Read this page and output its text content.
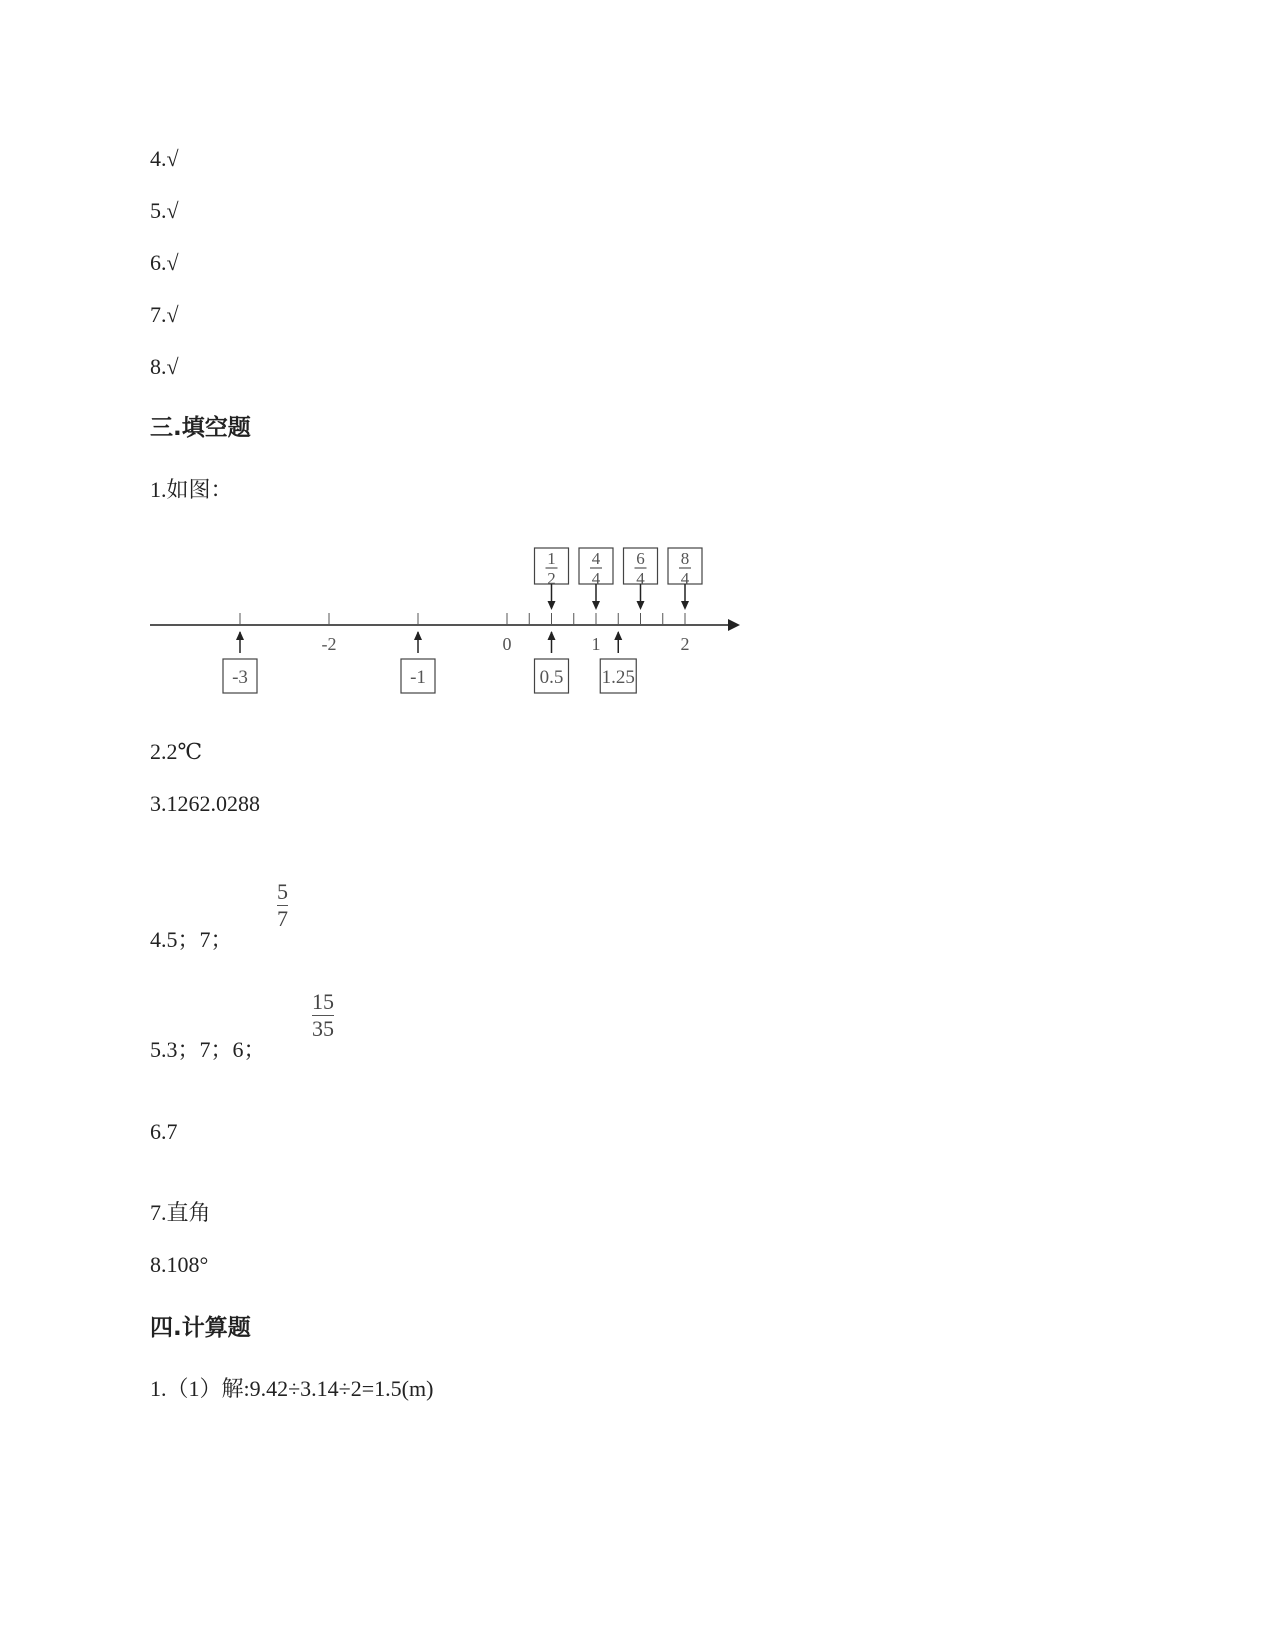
4.√
5.√
6.√
7.√
8.√
三.填空题
1.如图：
-2	0	1	2
-3	-1	0.5 1.25
1
2
4
4
6
4
8
4
2.2℃
3.1262.0288
4.5；7；
5
7
5.3；7；6；
15
35
6.7
7.直角
8.108°
四.计算题
1.（1）解:9.42÷3.14÷2=1.5(m)
